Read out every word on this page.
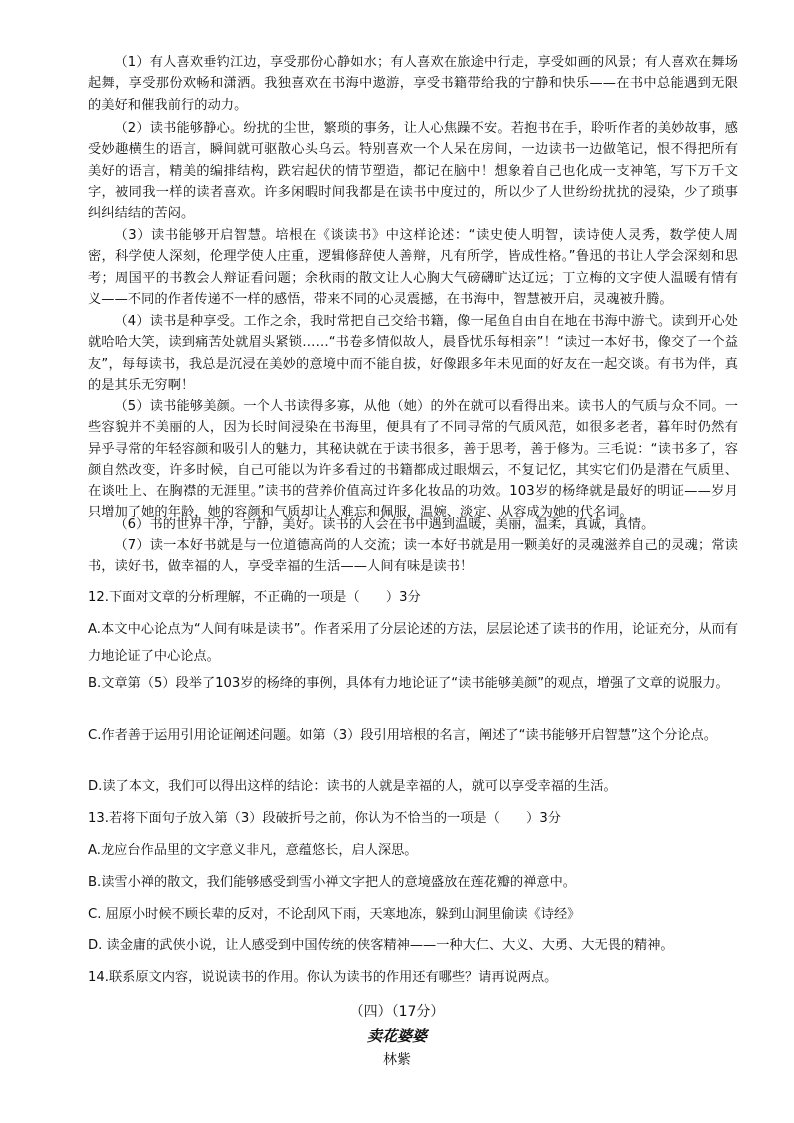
（1）有人喜欢垂钓江边，享受那份心静如水；有人喜欢在旅途中行走，享受如画的风景；有人喜欢在舞场起舞，享受那份欢畅和潇洒。我独喜欢在书海中遨游，享受书籍带给我的宁静和快乐——在书中总能遇到无限的美好和催我前行的动力。

（2）读书能够静心。纷扰的尘世，繁琐的事务，让人心焦躁不安。若抱书在手，聆听作者的美妙故事，感受妙趣横生的语言，瞬间就可驱散心头乌云。特别喜欢一个人呆在房间，一边读书一边做笔记，恨不得把所有美好的语言，精美的编排结构，跌宕起伏的情节塑造，都记在脑中！想象着自己也化成一支神笔，写下万千文字，被同我一样的读者喜欢。许多闲暇时间我都是在读书中度过的，所以少了人世纷纷扰扰的浸染，少了琐事纠纠结结的苦闷。

（3）读书能够开启智慧。培根在《谈读书》中这样论述：“读史使人明智，读诗使人灵秀，数学使人周密，科学使人深刻，伦理学使人庄重，逻辑修辞使人善辩，凡有所学，皆成性格。”鲁迅的书让人学会深刻和思考；周国平的书教会人辩证看问题；余秋雨的散文让人心胸大气磅礴旷达辽远；丁立梅的文字使人温暖有情有义——不同的作者传递不一样的感悟，带来不同的心灵震撼，在书海中，智慧被开启，灵魂被升腾。

（4）读书是种享受。工作之余，我时常把自己交给书籍，像一尾鱼自由自在地在书海中游弋。读到开心处就哈哈大笑，读到痛苦处就眉头紧锁……“书卷多情似故人，晨昏忧乐每相亲”！“读过一本好书，像交了一个益友”，每每读书，我总是沉浸在美妙的意境中而不能自拔，好像跟多年未见面的好友在一起交谈。有书为伴，真的是其乐无穷啊！

（5）读书能够美颜。一个人书读得多寡，从他（她）的外在就可以看得出来。读书人的气质与众不同。一些容貌并不美丽的人，因为长时间浸染在书海里，便具有了不同寻常的气质风范，如很多老者，暮年时仍然有异乎寻常的年轻容颜和吸引人的魅力，其秘诀就在于读书很多，善于思考，善于修为。三毛说：“读书多了，容颜自然改变，许多时候，自己可能以为许多看过的书籍都成过眼烟云，不复记忆，其实它们仍是潜在气质里、在谈吐上、在胸襟的无涯里。”读书的营养价值高过许多化妆品的功效。103岁的杨绛就是最好的明证——岁月只增加了她的年龄，她的容颜和气质却让人难忘和佩服，温婉、淡定、从容成为她的代名词。

（6）书的世界干净，宁静，美好。读书的人会在书中遇到温暖，美丽，温柔，真诚，真情。

（7）读一本好书就是与一位道德高尚的人交流；读一本好书就是用一颗美好的灵魂滋养自己的灵魂；常读书，读好书，做幸福的人，享受幸福的生活——人间有味是读书！

12.下面对文章的分析理解，不正确的一项是（　　）3分

A.本文中心论点为“人间有味是读书”。作者采用了分层论述的方法，层层论述了读书的作用，论证充分，从而有力地论证了中心论点。

B.文章第（5）段举了103岁的杨绛的事例，具体有力地论证了“读书能够美颜”的观点，增强了文章的说服力。

C.作者善于运用引用论证阐述问题。如第（3）段引用培根的名言，阐述了“读书能够开启智慧”这个分论点。

D.读了本文，我们可以得出这样的结论：读书的人就是幸福的人，就可以享受幸福的生活。

13.若将下面句子放入第（3）段破折号之前，你认为不恰当的一项是（　　）3分

A.龙应台作品里的文字意义非凡，意蕴悠长，启人深思。

B.读雪小禅的散文，我们能够感受到雪小禅文字把人的意境盛放在莲花瓣的禅意中。

C. 屈原小时候不顾长辈的反对，不论刮风下雨，天寒地冻，躲到山洞里偷读《诗经》

D. 读金庸的武侠小说，让人感受到中国传统的侠客精神——一种大仁、大义、大勇、大无畏的精神。

14.联系原文内容，说说读书的作用。你认为读书的作用还有哪些？请再说两点。

（四）（17分）

卖花婆婆

林紫
